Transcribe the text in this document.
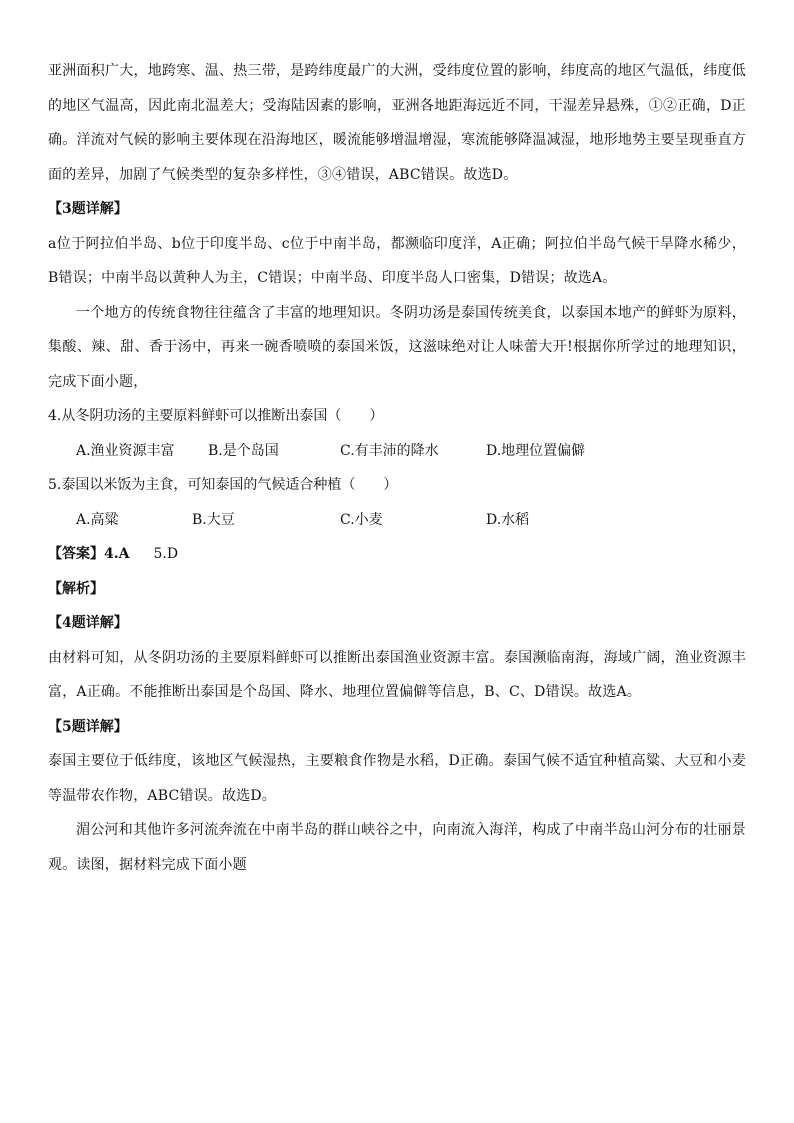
亚洲面积广大，地跨寒、温、热三带，是跨纬度最广的大洲，受纬度位置的影响，纬度高的地区气温低，纬度低的地区气温高，因此南北温差大；受海陆因素的影响，亚洲各地距海远近不同，干湿差异悬殊，①②正确，D正确。洋流对气候的影响主要体现在沿海地区，暖流能够增温增湿，寒流能够降温减湿，地形地势主要呈现垂直方面的差异，加剧了气候类型的复杂多样性，③④错误，ABC错误。故选D。

【3题详解】

a位于阿拉伯半岛、b位于印度半岛、c位于中南半岛，都濒临印度洋，A正确；阿拉伯半岛气候干旱降水稀少，B错误；中南半岛以黄种人为主，C错误；中南半岛、印度半岛人口密集，D错误；故选A。

一个地方的传统食物往往蕴含了丰富的地理知识。冬阴功汤是泰国传统美食，以泰国本地产的鲜虾为原料，集酸、辣、甜、香于汤中，再来一碗香喷喷的泰国米饭，这滋味绝对让人味蕾大开!根据你所学过的地理知识，完成下面小题，

4.从冬阴功汤的主要原料鲜虾可以推断出泰国（　　）

A.渔业资源丰富	B.是个岛国	C.有丰沛的降水	D.地理位置偏僻

5.泰国以米饭为主食，可知泰国的气候适合种植（　　）

A.高粱	B.大豆	C.小麦	D.水稻

【答案】4.A 5.D

【解析】

【4题详解】

由材料可知，从冬阴功汤的主要原料鲜虾可以推断出泰国渔业资源丰富。泰国濒临南海，海域广阔，渔业资源丰富，A正确。不能推断出泰国是个岛国、降水、地理位置偏僻等信息，B、C、D错误。故选A。

【5题详解】

泰国主要位于低纬度，该地区气候湿热，主要粮食作物是水稻，D正确。泰国气候不适宜种植高粱、大豆和小麦等温带农作物，ABC错误。故选D。

湄公河和其他许多河流奔流在中南半岛的群山峡谷之中，向南流入海洋，构成了中南半岛山河分布的壮丽景观。读图，据材料完成下面小题
